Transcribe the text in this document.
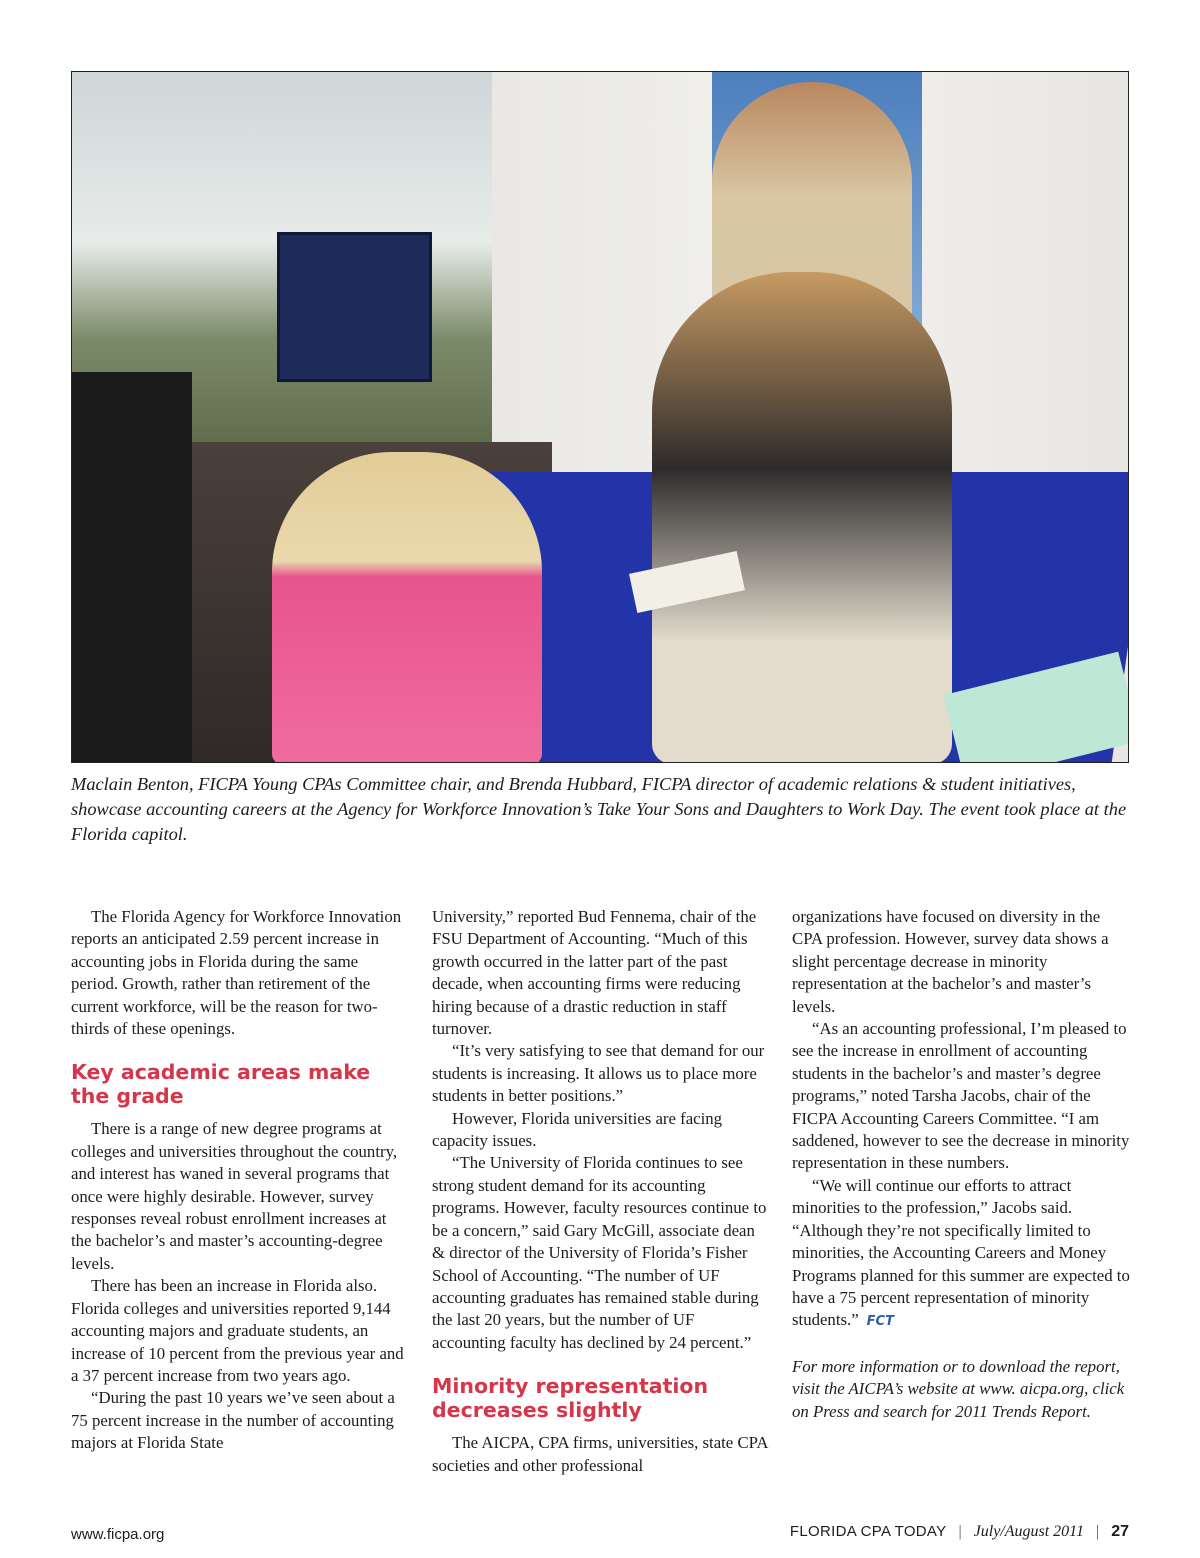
Maclain Benton, FICPA Young CPAs Committee chair, and Brenda Hubbard, FICPA director of academic relations & student initiatives, showcase accounting careers at the Agency for Workforce Innovation’s Take Your Sons and Daughters to Work Day. The event took place at the Florida capitol.

The Florida Agency for Workforce Innovation reports an anticipated 2.59 percent increase in accounting jobs in Florida during the same period. Growth, rather than retirement of the current workforce, will be the reason for two-thirds of these openings.

Key academic areas make the grade

There is a range of new degree programs at colleges and universities throughout the country, and interest has waned in several programs that once were highly desirable. However, survey responses reveal robust enrollment increases at the bachelor’s and master’s accounting-degree levels.

There has been an increase in Florida also. Florida colleges and universities reported 9,144 accounting majors and graduate students, an increase of 10 percent from the previous year and a 37 percent increase from two years ago.

“During the past 10 years we’ve seen about a 75 percent increase in the number of accounting majors at Florida State

University,” reported Bud Fennema, chair of the FSU Department of Accounting. “Much of this growth occurred in the latter part of the past decade, when accounting firms were reducing hiring because of a drastic reduction in staff turnover.

“It’s very satisfying to see that demand for our students is increasing. It allows us to place more students in better positions.”

However, Florida universities are facing capacity issues.

“The University of Florida continues to see strong student demand for its accounting programs. However, faculty resources continue to be a concern,” said Gary McGill, associate dean & director of the University of Florida’s Fisher School of Accounting. “The number of UF accounting graduates has remained stable during the last 20 years, but the number of UF accounting faculty has declined by 24 percent.”

Minority representation decreases slightly

The AICPA, CPA firms, universities, state CPA societies and other professional

organizations have focused on diversity in the CPA profession. However, survey data shows a slight percentage decrease in minority representation at the bachelor’s and master’s levels.

“As an accounting professional, I’m pleased to see the increase in enrollment of accounting students in the bachelor’s and master’s degree programs,” noted Tarsha Jacobs, chair of the FICPA Accounting Careers Committee. “I am saddened, however to see the decrease in minority representation in these numbers.

“We will continue our efforts to attract minorities to the profession,” Jacobs said. “Although they’re not specifically limited to minorities, the Accounting Careers and Money Programs planned for this summer are expected to have a 75 percent representation of minority students.” FCT

For more information or to download the report, visit the AICPA’s website at www. aicpa.org, click on Press and search for 2011 Trends Report.

www.ficpa.org	FLORIDA CPA TODAY | July/August 2011 | 27
